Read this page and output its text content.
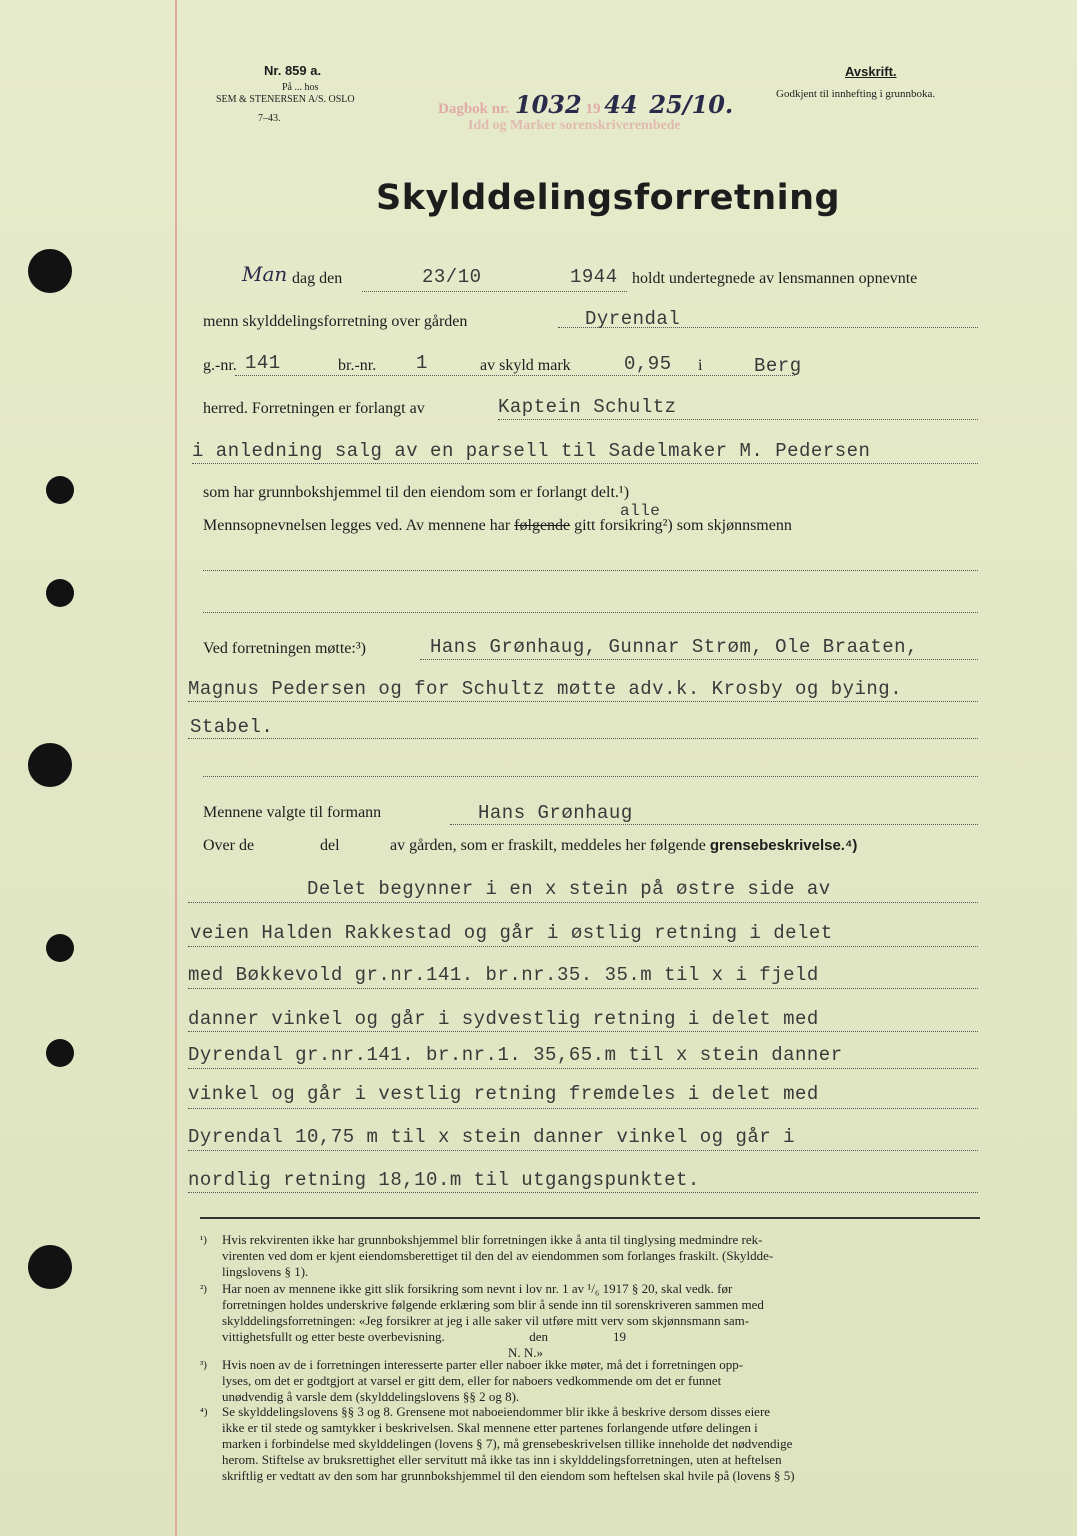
Nr. 859 a.
På ... hos
SEM & STENERSEN A/S. OSLO
7–43.
Dagbok nr. 1032 19 44 25/10.
Idd og Marker sorenskriverembede
Avskrift.
Godkjent til innhefting i grunnboka.
Skylddelingsforretning
Man dag den	23/10	1944 holdt undertegnede av lensmannen opnevnte
menn skylddelingsforretning over gården	Dyrendal
g.-nr. 141	br.-nr. 1	av skyld mark	0,95 i	Berg
herred. Forretningen er forlangt av	Kaptein Schultz
i anledning salg av en parsell til Sadelmaker M. Pedersen
som har grunnbokshjemmel til den eiendom som er forlangt delt.¹)
Mennsopnevnelsen legges ved. Av mennene har følgende gitt forsikring²) som skjønnsmenn
alle
Ved forretningen møtte:³)	Hans Grønhaug, Gunnar Strøm, Ole Braaten,
Magnus Pedersen og for Schultz møtte adv.k. Krosby og bying.
Stabel.
Mennene valgte til formann	Hans Grønhaug
Over de	del	av gården, som er fraskilt, meddeles her følgende grensebeskrivelse.⁴)
Delet begynner i en x stein på østre side av
veien Halden Rakkestad og går i østlig retning i delet
med Bøkkevold gr.nr.141. br.nr.35. 35.m til x i fjeld
danner vinkel og går i sydvestlig retning i delet med
Dyrendal gr.nr.141. br.nr.1. 35,65.m til x stein danner
vinkel og går i vestlig retning fremdeles i delet med
Dyrendal 10,75 m til x stein danner vinkel og går i
nordlig retning 18,10.m til utgangspunktet.
¹) Hvis rekvirenten ikke har grunnbokshjemmel blir forretningen ikke å anta til tinglysing medmindre rek-
virenten ved dom er kjent eiendomsberettiget til den del av eiendommen som forlanges fraskilt. (Skyldde-
lingslovens § 1).
²) Har noen av mennene ikke gitt slik forsikring som nevnt i lov nr. 1 av ¹/₆ 1917 § 20, skal vedk. før
forretningen holdes underskrive følgende erklæring som blir å sende inn til sorenskriveren sammen med
skylddelingsforretningen: «Jeg forsikrer at jeg i alle saker vil utføre mitt verv som skjønnsmann sam-
vittighetsfullt og etter beste overbevisning.                          den                    19
N. N.»
³) Hvis noen av de i forretningen interesserte parter eller naboer ikke møter, må det i forretningen opp-
lyses, om det er godtgjort at varsel er gitt dem, eller for naboers vedkommende om det er funnet
unødvendig å varsle dem (skylddelingslovens §§ 2 og 8).
⁴) Se skylddelingslovens §§ 3 og 8. Grensene mot naboeiendommer blir ikke å beskrive dersom disses eiere
ikke er til stede og samtykker i beskrivelsen. Skal mennene etter partenes forlangende utføre delingen i
marken i forbindelse med skylddelingen (lovens § 7), må grensebeskrivelsen tillike inneholde det nødvendige
herom. Stiftelse av bruksrettighet eller servitutt må ikke tas inn i skylddelingsforretningen, uten at heftelsen
skriftlig er vedtatt av den som har grunnbokshjemmel til den eiendom som heftelsen skal hvile på (lovens § 5)
